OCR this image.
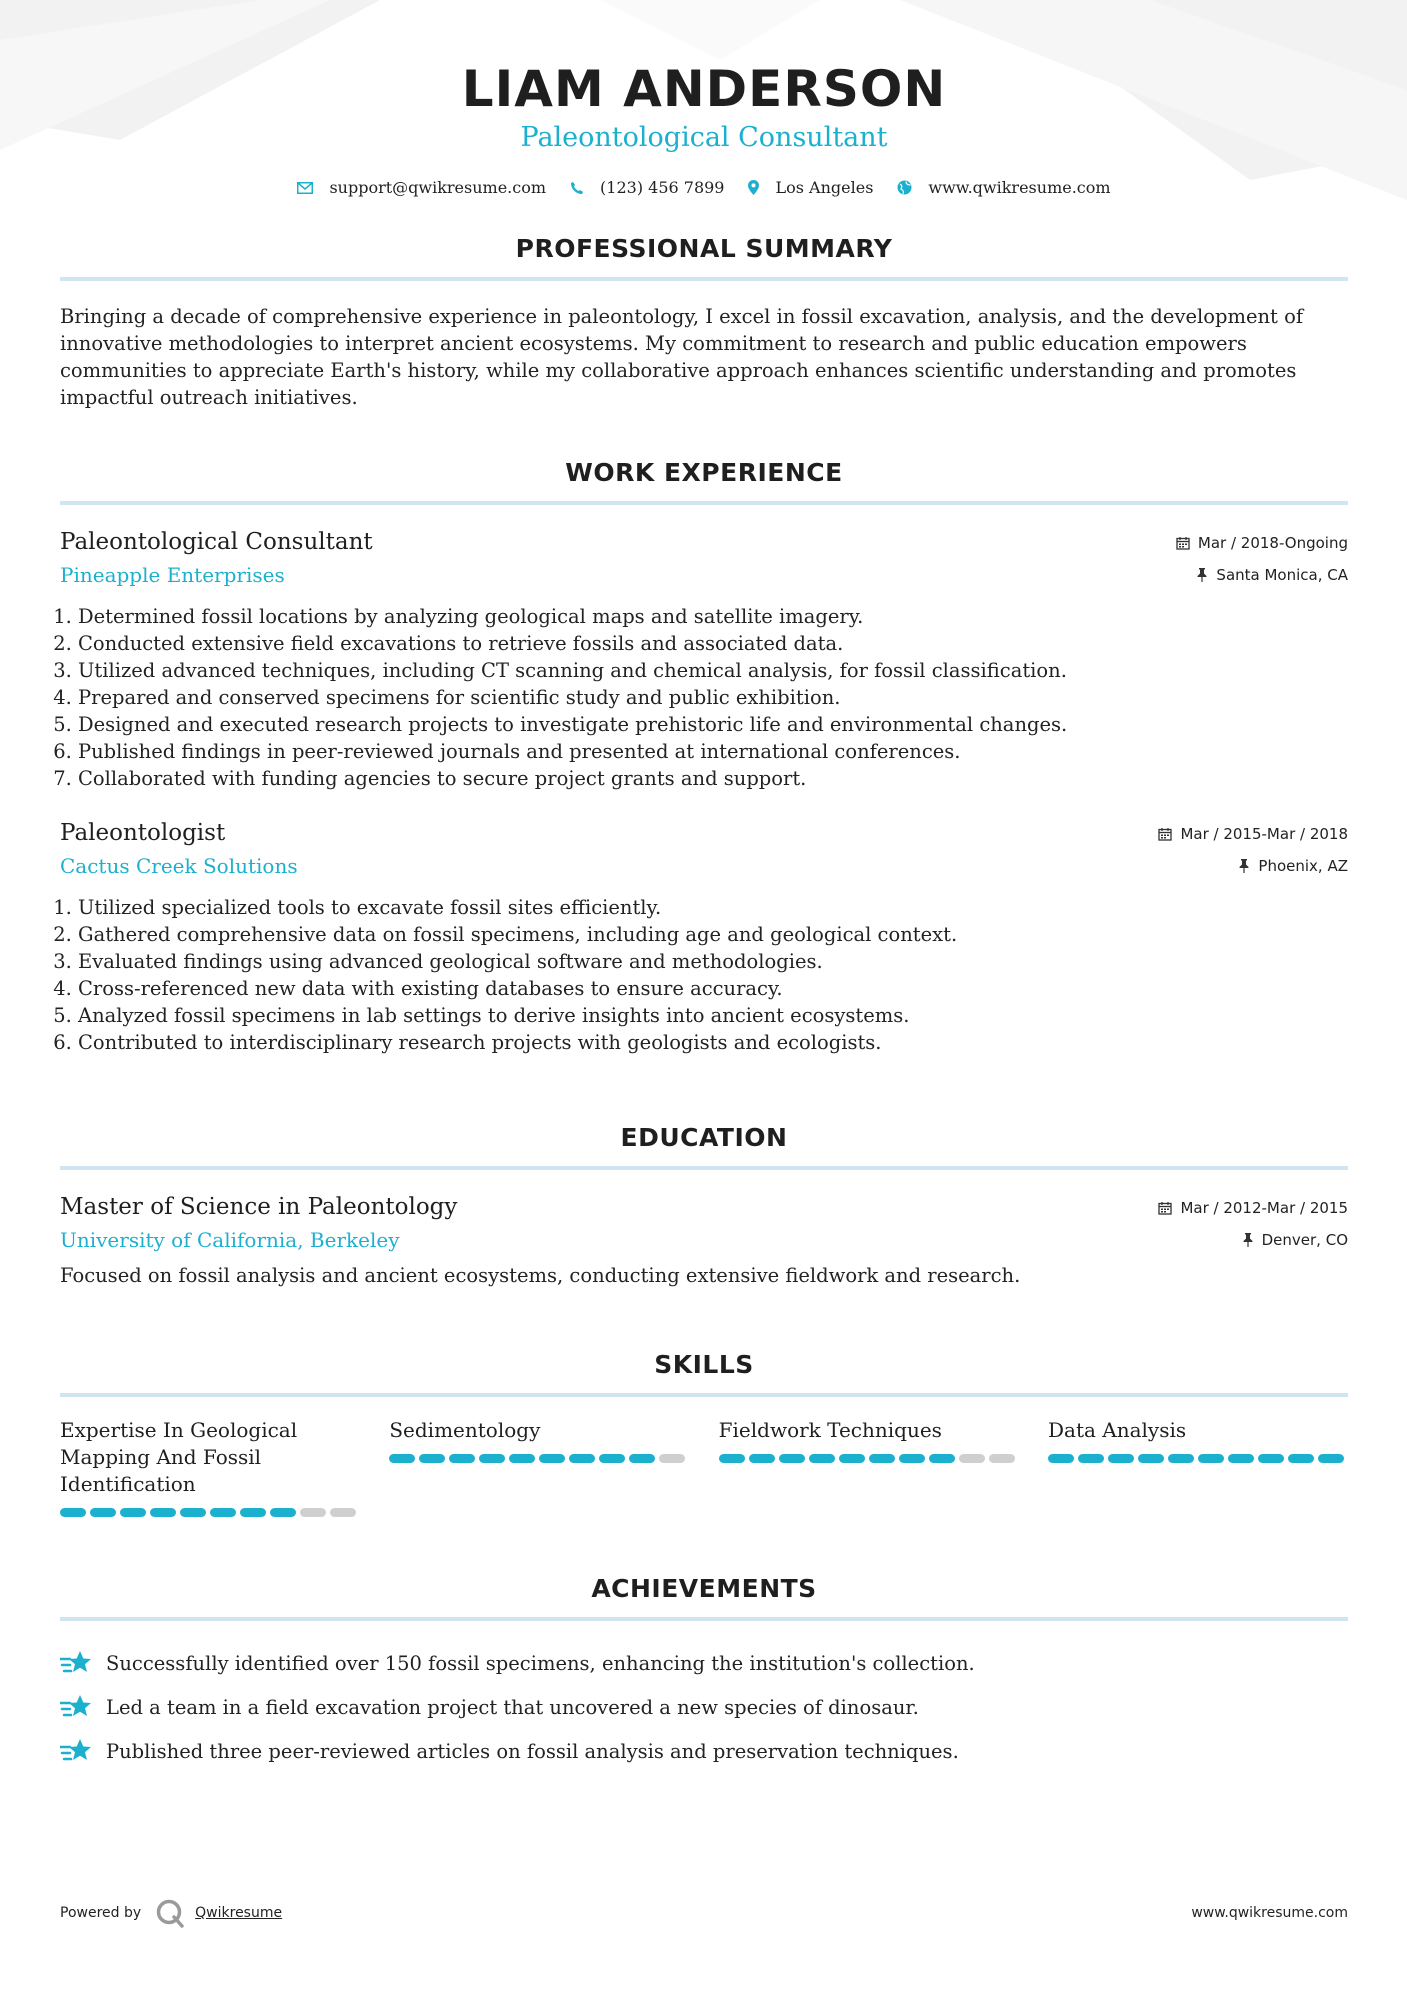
LIAM ANDERSON
Paleontological Consultant
support@qwikresume.com	(123) 456 7899	Los Angeles	www.qwikresume.com
PROFESSIONAL SUMMARY
Bringing a decade of comprehensive experience in paleontology, I excel in fossil excavation, analysis, and the development of innovative methodologies to interpret ancient ecosystems. My commitment to research and public education empowers communities to appreciate Earth's history, while my collaborative approach enhances scientific understanding and promotes impactful outreach initiatives.
WORK EXPERIENCE
Paleontological Consultant
Pineapple Enterprises
Mar / 2018-Ongoing
Santa Monica, CA
1. Determined fossil locations by analyzing geological maps and satellite imagery.
2. Conducted extensive field excavations to retrieve fossils and associated data.
3. Utilized advanced techniques, including CT scanning and chemical analysis, for fossil classification.
4. Prepared and conserved specimens for scientific study and public exhibition.
5. Designed and executed research projects to investigate prehistoric life and environmental changes.
6. Published findings in peer-reviewed journals and presented at international conferences.
7. Collaborated with funding agencies to secure project grants and support.
Paleontologist
Cactus Creek Solutions
Mar / 2015-Mar / 2018
Phoenix, AZ
1. Utilized specialized tools to excavate fossil sites efficiently.
2. Gathered comprehensive data on fossil specimens, including age and geological context.
3. Evaluated findings using advanced geological software and methodologies.
4. Cross-referenced new data with existing databases to ensure accuracy.
5. Analyzed fossil specimens in lab settings to derive insights into ancient ecosystems.
6. Contributed to interdisciplinary research projects with geologists and ecologists.
EDUCATION
Master of Science in Paleontology
University of California, Berkeley
Mar / 2012-Mar / 2015
Denver, CO
Focused on fossil analysis and ancient ecosystems, conducting extensive fieldwork and research.
SKILLS
Expertise In Geological Mapping And Fossil Identification
Sedimentology	Fieldwork Techniques	Data Analysis
ACHIEVEMENTS
Successfully identified over 150 fossil specimens, enhancing the institution's collection.
Led a team in a field excavation project that uncovered a new species of dinosaur.
Published three peer-reviewed articles on fossil analysis and preservation techniques.
Powered by	Qwikresume	www.qwikresume.com
